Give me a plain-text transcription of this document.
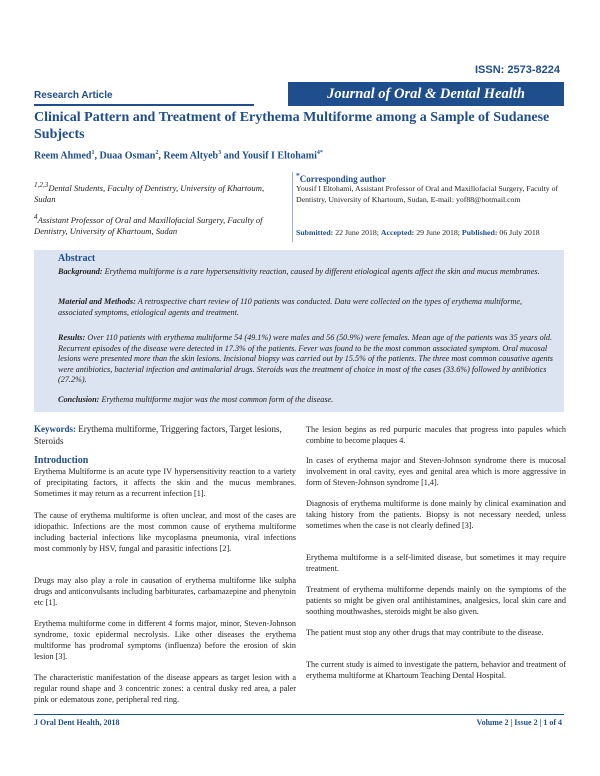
ISSN: 2573-8224
Research Article	Journal of Oral & Dental Health
Clinical Pattern and Treatment of Erythema Multiforme among a Sample of Sudanese Subjects
Reem Ahmed$^1$, Duaa Osman$^2$, Reem Altyeb$^3$ and Yousif I Eltohami$^{4*}$
$^{1,2,3}$Dental Students, Faculty of Dentistry, University of Khartoum, Sudan
$^4$Assistant Professor of Oral and Maxillofacial Surgery, Faculty of Dentistry, University of Khartoum, Sudan
*Corresponding author
Yousif I Eltohami, Assistant Professor of Oral and Maxillofacial Surgery, Faculty of Dentistry, University of Khartoum, Sudan, E-mail: yof88@hotmail.com
Submitted: 22 June 2018; Accepted: 29 June 2018; Published: 06 July 2018
Abstract
Background: Erythema multiforme is a rare hypersensitivity reaction, caused by different etiological agents affect the skin and mucus membranes.
Material and Methods: A retrospective chart review of 110 patients was conducted. Data were collected on the types of erythema multiforme, associated symptoms, etiological agents and treatment.
Results: Over 110 patients with erythema multiforme 54 (49.1%) were males and 56 (50.9%) were females. Mean age of the patients was 35 years old. Recurrent episodes of the disease were detected in 17.3% of the patients. Fever was found to be the most common associated symptom. Oral mucosal lesions were presented more than the skin lesions. Incisional biopsy was carried out by 15.5% of the patients. The three most common causative agents were antibiotics, bacterial infection and antimalarial drugs. Steroids was the treatment of choice in most of the cases (33.6%) followed by antibiotics (27.2%).
Conclusion: Erythema multiforme major was the most common form of the disease.
Keywords: Erythema multiforme, Triggering factors, Target lesions, Steroids
Introduction
Erythema Multiforme is an acute type IV hypersensitivity reaction to a variety of precipitating factors, it affects the skin and the mucus membranes. Sometimes it may return as a recurrent infection [1].
The cause of erythema multiforme is often unclear, and most of the cases are idiopathic. Infections are the most common cause of erythema multiforme including bacterial infections like mycoplasma pneumonia, viral infections most commonly by HSV, fungal and parasitic infections [2].
Drugs may also play a role in causation of erythema multiforme like sulpha drugs and anticonvulsants including barbiturates, carbamazepine and phenytoin etc [1].
Erythema multiforme come in different 4 forms major, minor, Steven-Johnson syndrome, toxic epidermal necrolysis. Like other diseases the erythema multiforme has prodromal symptoms (influenza) before the erosion of skin lesion [3].
The characteristic manifestation of the disease appears as target lesion with a regular round shape and 3 concentric zones: a central dusky red area, a paler pink or edematous zone, peripheral red ring.
The lesion begins as red purpuric macules that progress into papules which combine to become plaques 4.
In cases of erythema major and Steven-Johnson syndrome there is mucosal involvement in oral cavity, eyes and genital area which is more aggressive in form of Steven-Johnson syndrome [1,4].
Diagnosis of erythema multiforme is done mainly by clinical examination and taking history from the patients. Biopsy is not necessary needed, unless sometimes when the case is not clearly defined [3].
Erythema multiforme is a self-limited disease, but sometimes it may require treatment.
Treatment of erythema multiforme depends mainly on the symptoms of the patients so might be given oral antihistamines, analgesics, local skin care and soothing mouthwashes, steroids might be also given.
The patient must stop any other drugs that may contribute to the disease.
The current study is aimed to investigate the pattern, behavior and treatment of erythema multiforme at Khartoum Teaching Dental Hospital.
J Oral Dent Health, 2018	Volume 2 | Issue 2 | 1 of 4
